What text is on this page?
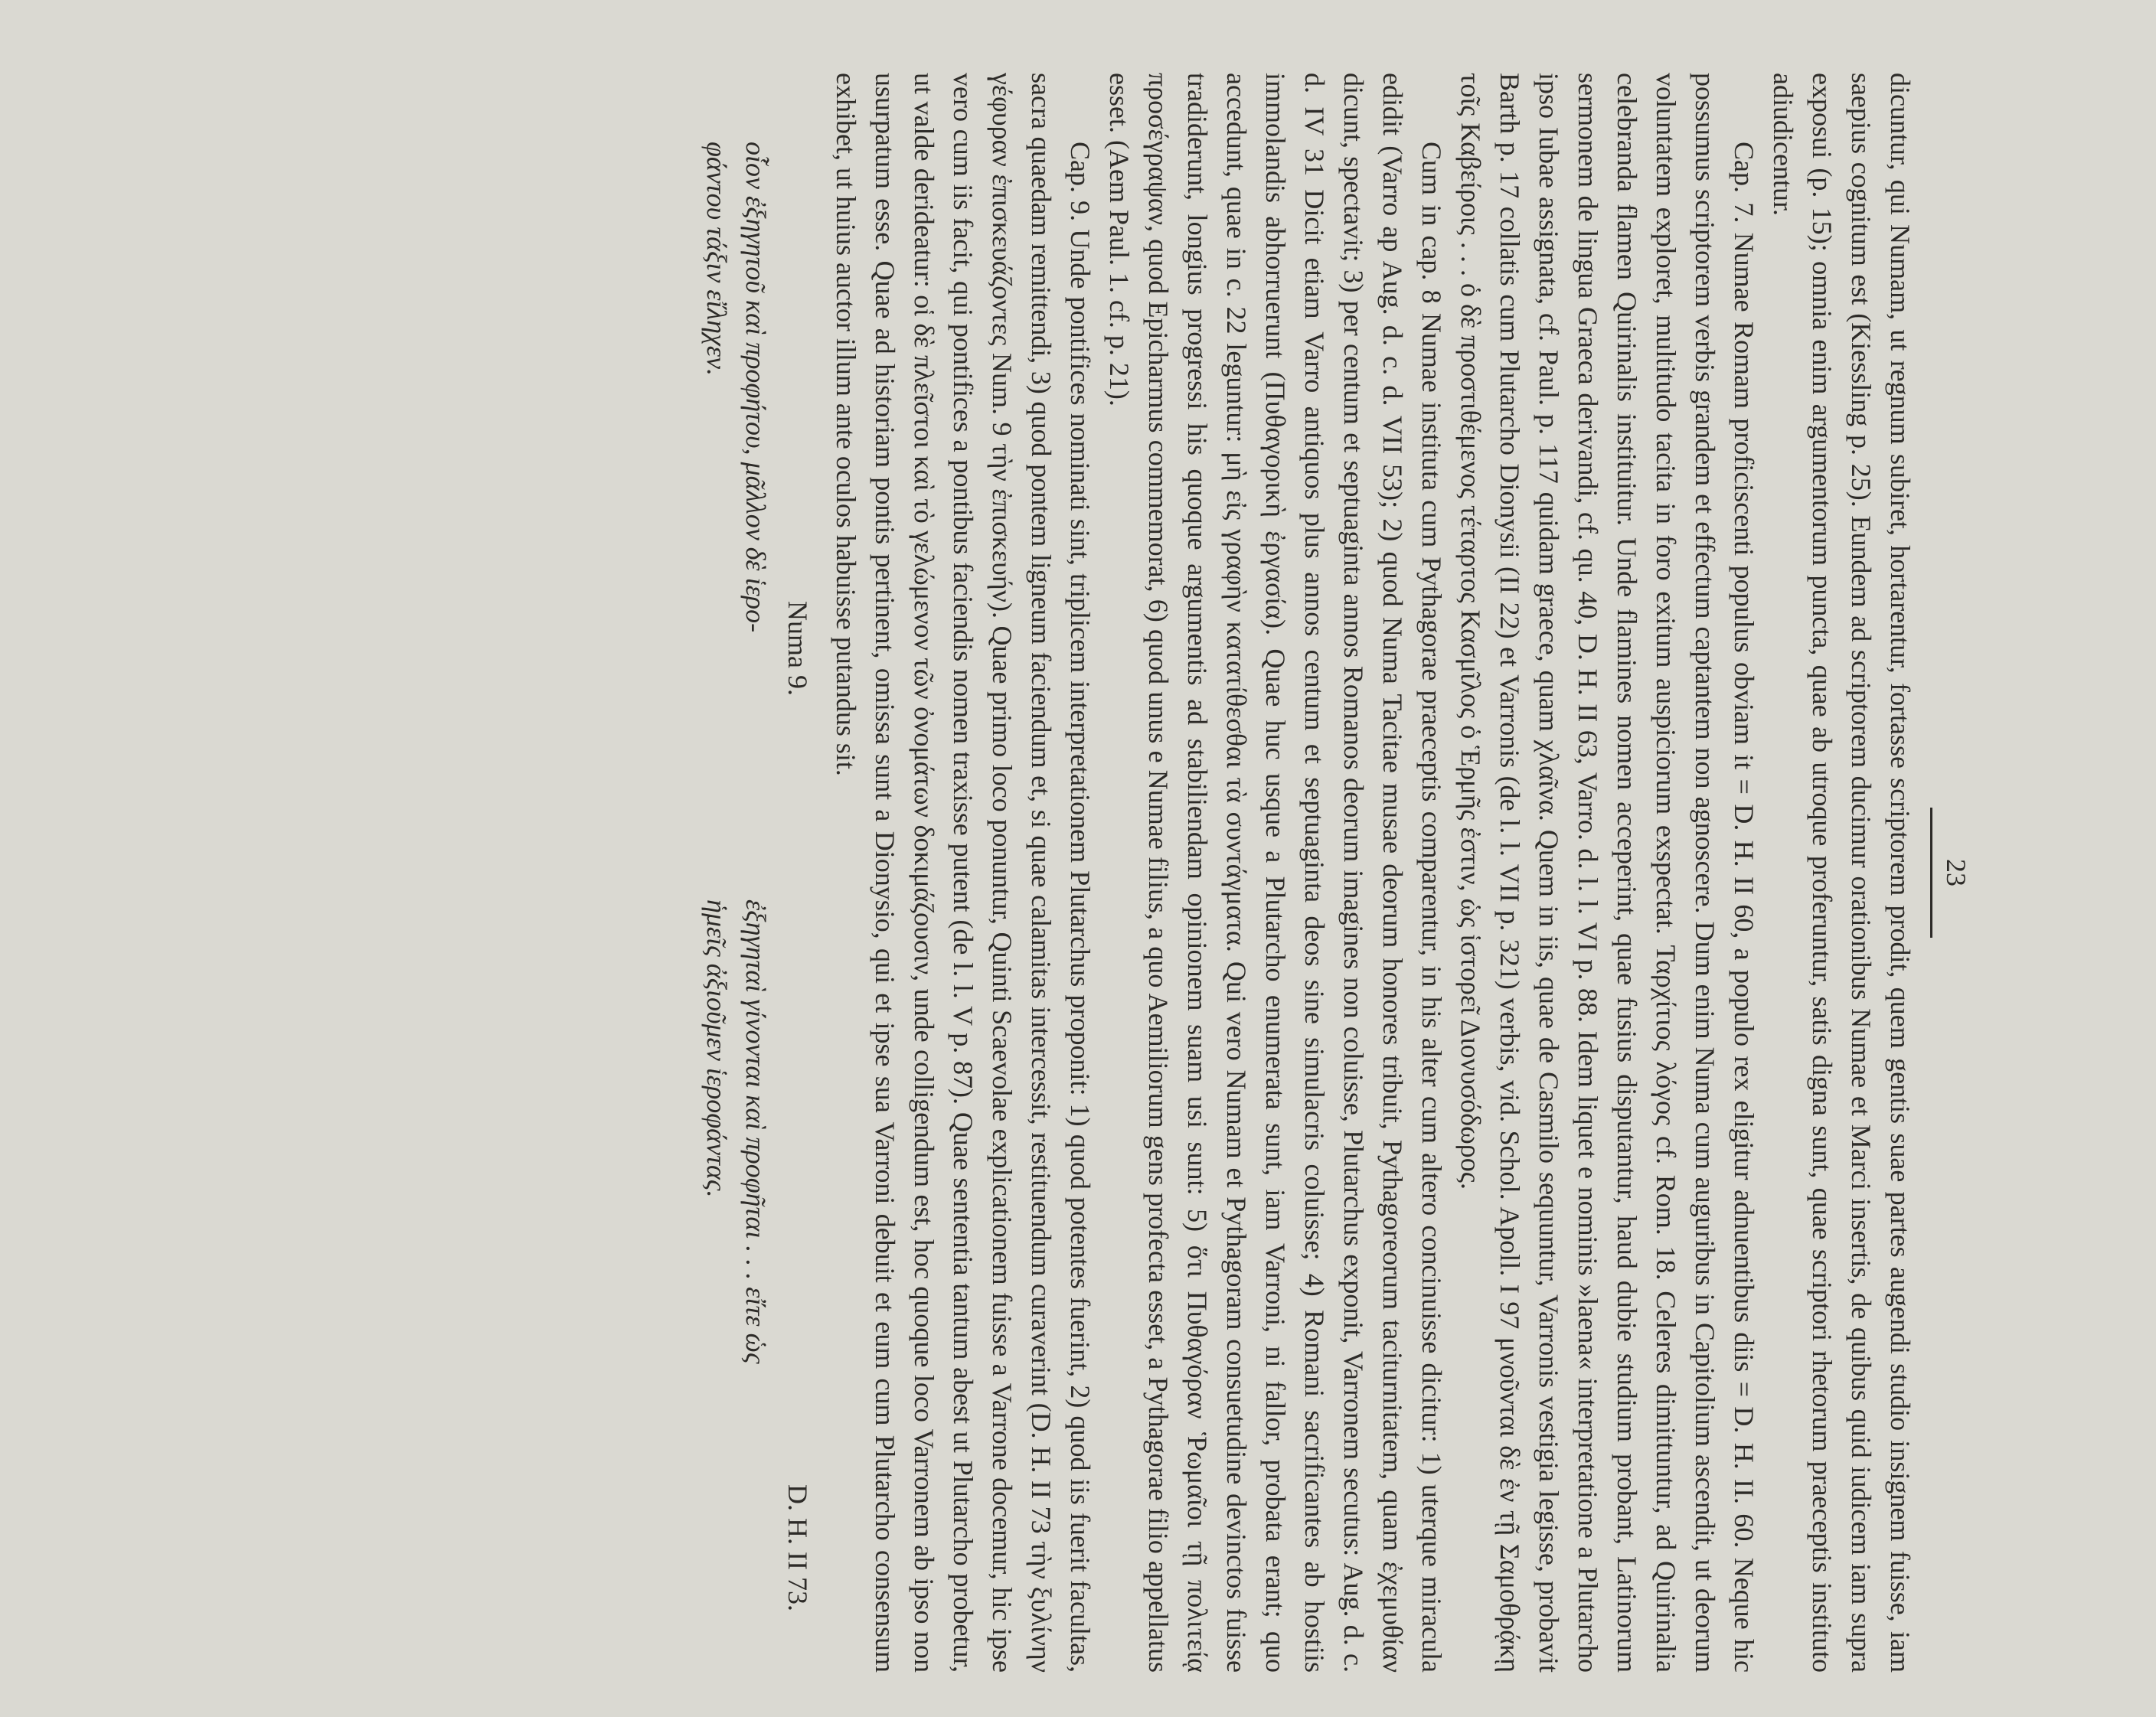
23

dicuntur, qui Numam, ut regnum subiret, hortarentur, fortasse scriptorem prodit, quem gentis suae partes augendi studio insignem fuisse, iam saepius cognitum est (Kiessling p. 25). Eundem ad scriptorem ducimur orationibus Numae et Marci insertis, de quibus quid iudicem iam supra exposui (p. 15); omnia enim argumentorum puncta, quae ab utroque proferuntur, satis digna sunt, quae scriptori rhetorum praeceptis instituto adiudicentur.

Cap. 7. Numae Romam proficiscenti populus obviam it = D. H. II 60, a populo rex eligitur adnuentibus diis = D. H. II. 60. Neque hic possumus scriptorem verbis grandem et effectum captantem non agnoscere. Dum enim Numa cum auguribus in Capitolium ascendit, ut deorum voluntatem exploret, multitudo tacita in foro exitum auspiciorum exspectat. Ταρχίτιος λόγος cf. Rom. 18. Celeres dimittuntur, ad Quirinalia celebranda flamen Quirinalis instituitur. Unde flamines nomen acceperint, quae fusius disputantur, haud dubie studium probant, Latinorum sermonem de lingua Graeca derivandi, cf. qu. 40, D. H. II 63, Varro. d. l. l. VI p. 88. Idem liquet e nominis »laena« interpretatione a Plutarcho ipso Iubae assignata, cf. Paul. p. 117 quidam graece, quam χλαῖνα. Quem in iis, quae de Casmilo sequuntur, Varronis vestigia legisse, probavit Barth p. 17 collatis cum Plutarcho Dionysii (II 22) et Varronis (de l. l. VII p. 321) verbis, vid. Schol. Apoll. I 97 μνοῦνται δὲ ἐν τῇ Σαμοθρᾴκῃ τοῖς Καβείροις . . . ὁ δὲ προστιθέμενος τέταρτος Κασμῖλος ὁ Ἑρμῆς ἐστιν, ὡς ἱστορεῖ Διονυσόδωρος.

Cum in cap. 8 Numae instituta cum Pythagorae praeceptis comparentur, in his alter cum altero concinuisse dicitur: 1) uterque miracula edidit (Varro ap Aug. d. c. d. VII 53); 2) quod Numa Tacitae musae deorum honores tribuit, Pythagoreorum taciturnitatem, quam ἐχεμυθίαν dicunt, spectavit; 3) per centum et septuaginta annos Romanos deorum imagines non coluisse, Plutarchus exponit, Varronem secutus: Aug. d. c. d. IV 31 Dicit etiam Varro antiquos plus annos centum et septuaginta deos sine simulacris coluisse; 4) Romani sacrificantes ab hostiis immolandis abhorruerunt (Πυθαγορικὴ ἐργασία). Quae huc usque a Plutarcho enumerata sunt, iam Varroni, ni fallor, probata erant; quo accedunt, quae in c. 22 leguntur: μὴ εἰς γραφὴν κατατίθεσθαι τὰ συντάγματα. Qui vero Numam et Pythagoram consuetudine devinctos fuisse tradiderunt, longius progressi his quoque argumentis ad stabiliendam opinionem suam usi sunt: 5) ὅτι Πυθαγόραν Ῥωμαῖοι τῇ πολιτείᾳ προσέγραψαν, quod Epicharmus commemorat, 6) quod unus e Numae filius, a quo Aemiliorum gens profecta esset, a Pythagorae filio appellatus esset. (Aem Paul. 1. cf. p. 21).

Cap. 9. Unde pontifices nominati sint, triplicem interpretationem Plutarchus proponit: 1) quod potentes fuerint, 2) quod iis fuerit facultas, sacra quaedam remittendi, 3) quod pontem ligneum faciendum et, si quae calamitas intercessit, restituendum curaverint (D. H. II 73 τὴν ξυλίνην γέφυραν ἐπισκευάζοντες Num. 9 τὴν ἐπισκευήν). Quae primo loco ponuntur, Quinti Scaevolae explicationem fuisse a Varrone docemur, hic ipse vero cum iis facit, qui pontifices a pontibus faciendis nomen traxisse putent (de l. l. V p. 87). Quae sententia tantum abest ut Plutarcho probetur, ut valde derideatur: οἱ δὲ πλεῖστοι καὶ τὸ γελώμενον τῶν ὀνομάτων δοκιμάζουσιν, unde colligendum est, hoc quoque loco Varronem ab ipso non usurpatum esse. Quae ad historiam pontis pertinent, omissa sunt a Dionysio, qui et ipse sua Varroni debuit et eum cum Plutarcho consensum exhibet, ut huius auctor illum ante oculos habuisse putandus sit.

Numa 9.
D. H. II 73.
οἷον ἐξηγητοῦ καὶ προφήτου, μᾶλλον δὲ ἱερο-
φάντου τάξιν εἴληχεν.
ἐξηγηταὶ γίνονται καὶ προφῆται . . . εἴτε ὡς
ἡμεῖς ἀξιοῦμεν ἱεροφάντας.
